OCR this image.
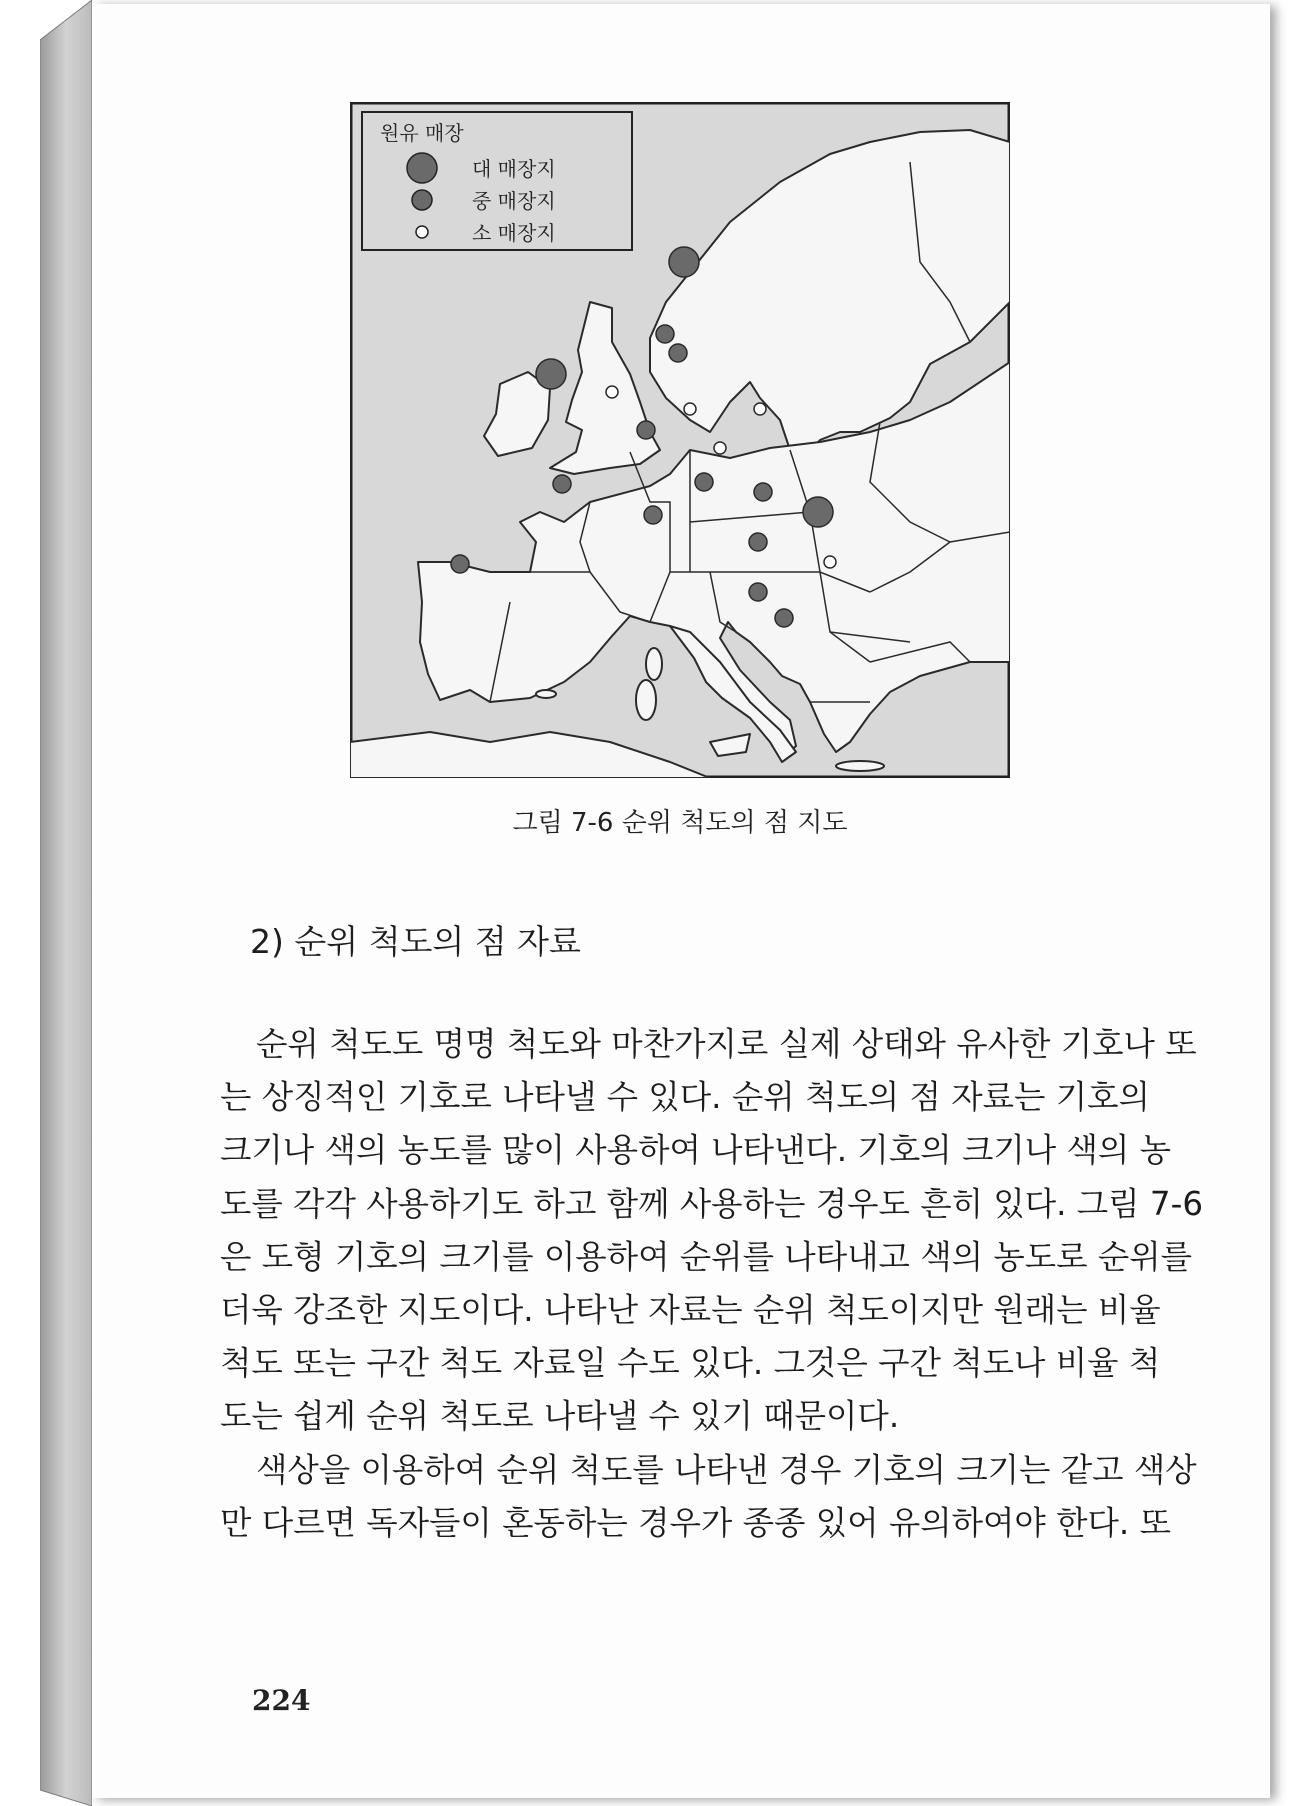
원유 매장
대 매장지
중 매장지
소 매장지
그림 7-6 순위 척도의 점 지도
2) 순위 척도의 점 자료
순위 척도도 명명 척도와 마찬가지로 실제 상태와 유사한 기호나 또
는 상징적인 기호로 나타낼 수 있다. 순위 척도의 점 자료는 기호의
크기나 색의 농도를 많이 사용하여 나타낸다. 기호의 크기나 색의 농
도를 각각 사용하기도 하고 함께 사용하는 경우도 흔히 있다. 그림 7-6
은 도형 기호의 크기를 이용하여 순위를 나타내고 색의 농도로 순위를
더욱 강조한 지도이다. 나타난 자료는 순위 척도이지만 원래는 비율
척도 또는 구간 척도 자료일 수도 있다. 그것은 구간 척도나 비율 척
도는 쉽게 순위 척도로 나타낼 수 있기 때문이다.
색상을 이용하여 순위 척도를 나타낸 경우 기호의 크기는 같고 색상
만 다르면 독자들이 혼동하는 경우가 종종 있어 유의하여야 한다. 또
224
